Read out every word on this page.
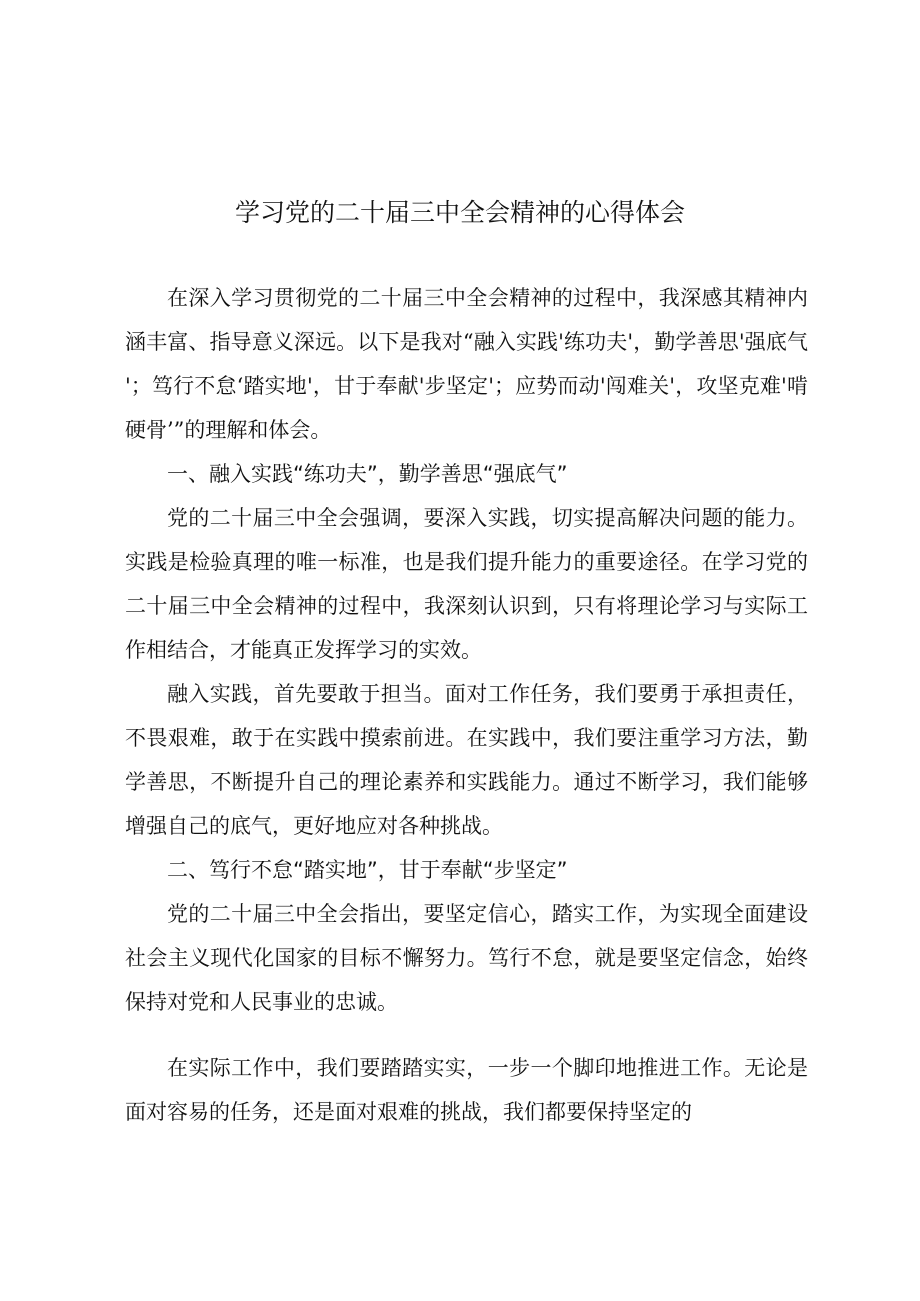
学习党的二十届三中全会精神的心得体会

在深入学习贯彻党的二十届三中全会精神的过程中，我深感其精神内涵丰富、指导意义深远。以下是我对“融入实践'练功夫'，勤学善思'强底气'；笃行不怠‘踏实地'，甘于奉献'步坚定'；应势而动'闯难关'，攻坚克难'啃硬骨’”的理解和体会。

一、融入实践“练功夫”，勤学善思“强底气”

党的二十届三中全会强调，要深入实践，切实提高解决问题的能力。实践是检验真理的唯一标准，也是我们提升能力的重要途径。在学习党的二十届三中全会精神的过程中，我深刻认识到，只有将理论学习与实际工作相结合，才能真正发挥学习的实效。

融入实践，首先要敢于担当。面对工作任务，我们要勇于承担责任，不畏艰难，敢于在实践中摸索前进。在实践中，我们要注重学习方法，勤学善思，不断提升自己的理论素养和实践能力。通过不断学习，我们能够增强自己的底气，更好地应对各种挑战。

二、笃行不怠“踏实地”，甘于奉献“步坚定”

党的二十届三中全会指出，要坚定信心，踏实工作，为实现全面建设社会主义现代化国家的目标不懈努力。笃行不怠，就是要坚定信念，始终保持对党和人民事业的忠诚。

在实际工作中，我们要踏踏实实，一步一个脚印地推进工作。无论是面对容易的任务，还是面对艰难的挑战，我们都要保持坚定的
